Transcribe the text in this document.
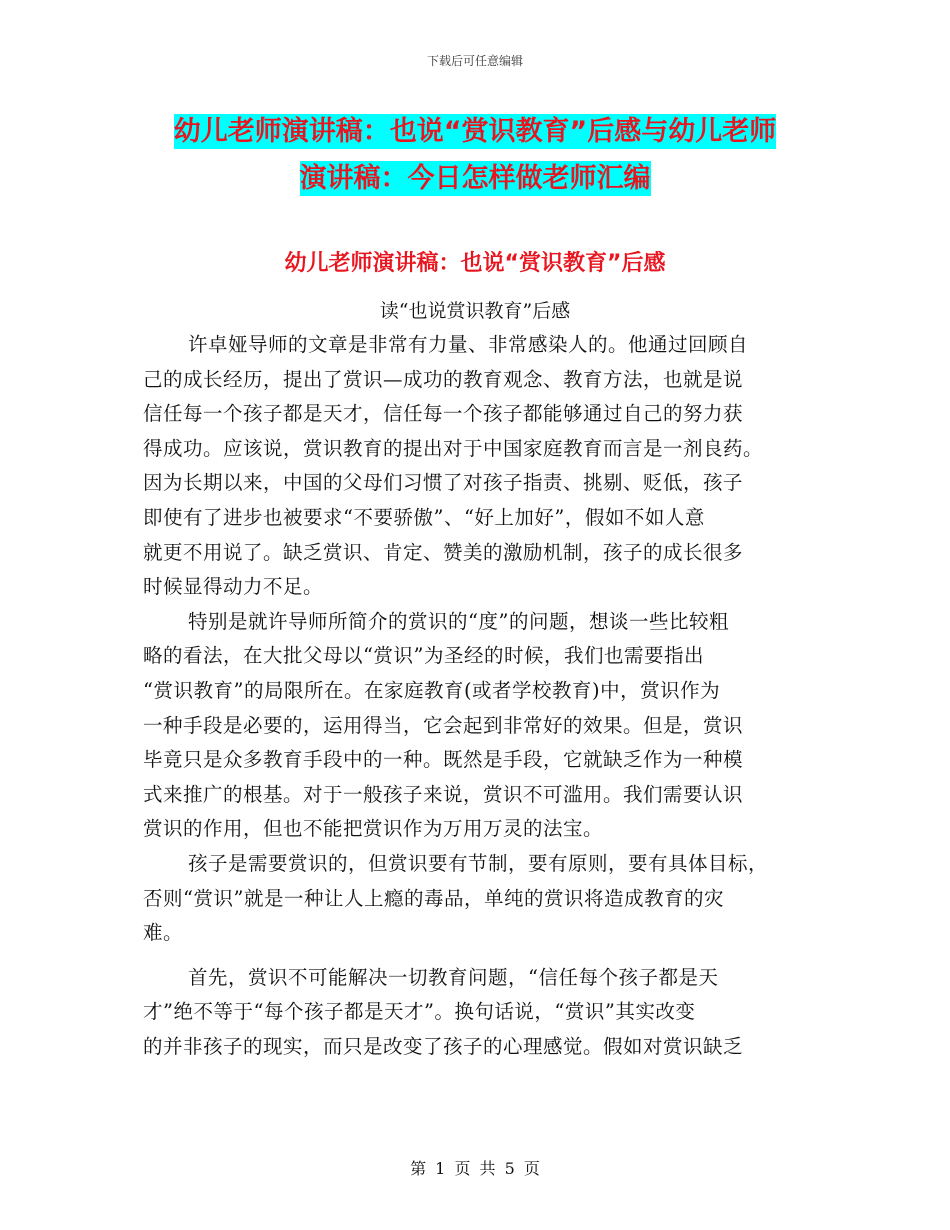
下载后可任意编辑
幼儿老师演讲稿：也说“赏识教育”后感与幼儿老师
演讲稿：今日怎样做老师汇编
幼儿老师演讲稿：也说“赏识教育”后感
读“也说赏识教育”后感

许卓娅导师的文章是非常有力量、非常感染人的。他通过回顾自

己的成长经历，提出了赏识—成功的教育观念、教育方法，也就是说

信任每一个孩子都是天才，信任每一个孩子都能够通过自己的努力获

得成功。应该说，赏识教育的提出对于中国家庭教育而言是一剂良药。

因为长期以来，中国的父母们习惯了对孩子指责、挑剔、贬低，孩子

即使有了进步也被要求“不要骄傲”、“好上加好”，假如不如人意

就更不用说了。缺乏赏识、肯定、赞美的激励机制，孩子的成长很多

时候显得动力不足。

特别是就许导师所简介的赏识的“度”的问题，想谈一些比较粗

略的看法，在大批父母以“赏识”为圣经的时候，我们也需要指出

“赏识教育”的局限所在。在家庭教育(或者学校教育)中，赏识作为

一种手段是必要的，运用得当，它会起到非常好的效果。但是，赏识

毕竟只是众多教育手段中的一种。既然是手段，它就缺乏作为一种模

式来推广的根基。对于一般孩子来说，赏识不可滥用。我们需要认识

赏识的作用，但也不能把赏识作为万用万灵的法宝。

孩子是需要赏识的，但赏识要有节制，要有原则，要有具体目标，

否则“赏识”就是一种让人上瘾的毒品，单纯的赏识将造成教育的灾

难。

首先，赏识不可能解决一切教育问题，“信任每个孩子都是天

才”绝不等于“每个孩子都是天才”。换句话说，“赏识”其实改变

的并非孩子的现实，而只是改变了孩子的心理感觉。假如对赏识缺乏

第 1 页 共 5 页
